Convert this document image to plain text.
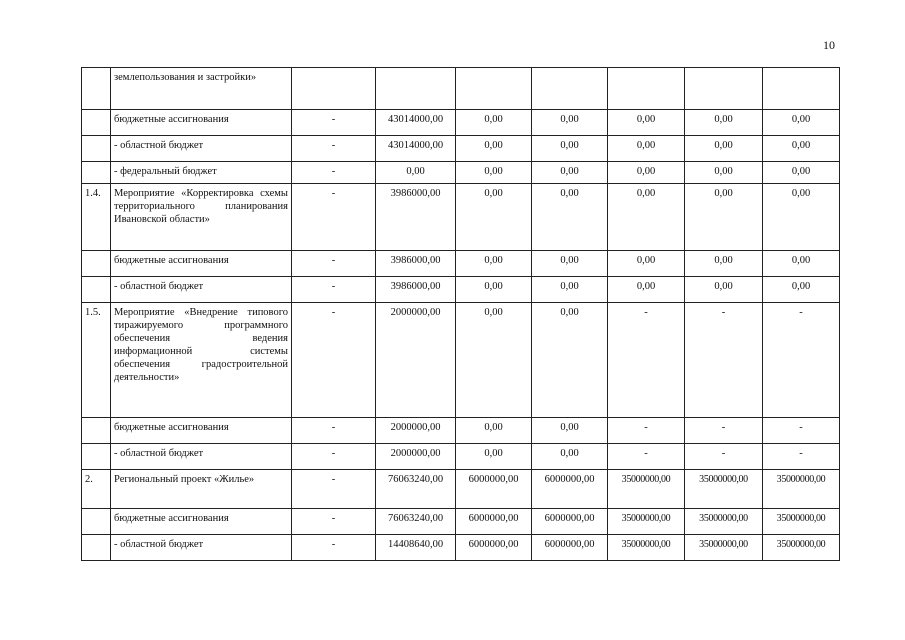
10
	землепользования и застройки»							
	бюджетные ассигнования	-	43014000,00	0,00	0,00	0,00	0,00	0,00
	- областной бюджет	-	43014000,00	0,00	0,00	0,00	0,00	0,00
	- федеральный бюджет	-	0,00	0,00	0,00	0,00	0,00	0,00
1.4.	Мероприятие «Корректировка схемы территориального планирования Ивановской области»	-	3986000,00	0,00	0,00	0,00	0,00	0,00
	бюджетные ассигнования	-	3986000,00	0,00	0,00	0,00	0,00	0,00
	- областной бюджет	-	3986000,00	0,00	0,00	0,00	0,00	0,00
1.5.	Мероприятие «Внедрение типового тиражируемого программного обеспечения ведения информационной системы обеспечения градостроительной деятельности»	-	2000000,00	0,00	0,00	-	-	-
	бюджетные ассигнования	-	2000000,00	0,00	0,00	-	-	-
	- областной бюджет	-	2000000,00	0,00	0,00	-	-	-
2.	Региональный проект «Жилье»	-	76063240,00	6000000,00	6000000,00	35000000,00	35000000,00	35000000,00
	бюджетные ассигнования	-	76063240,00	6000000,00	6000000,00	35000000,00	35000000,00	35000000,00
	- областной бюджет	-	14408640,00	6000000,00	6000000,00	35000000,00	35000000,00	35000000,00
